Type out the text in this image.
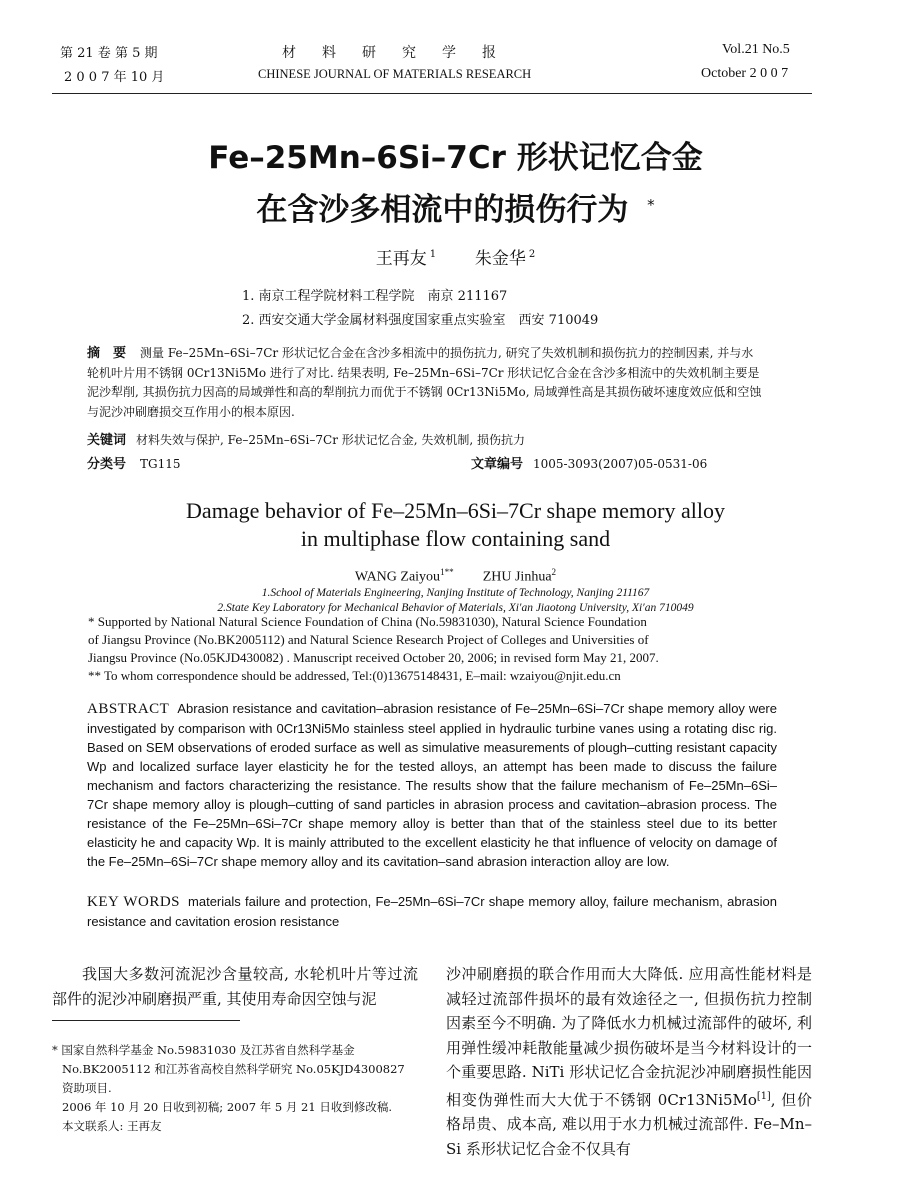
第 21 卷 第 5 期
2 0 0 7 年 10 月
材料研究学报
CHINESE JOURNAL OF MATERIALS RESEARCH
Vol.21 No.5
October 2 0 0 7
Fe–25Mn–6Si–7Cr 形状记忆合金
在含沙多相流中的损伤行为 *
王再友 $^1$ 朱金华 $^2$
1. 南京工程学院材料工程学院　南京 211167
2. 西安交通大学金属材料强度国家重点实验室　西安 710049
摘　要 测量 Fe–25Mn–6Si–7Cr 形状记忆合金在含沙多相流中的损伤抗力, 研究了失效机制和损伤抗力的控制因素, 并与水
轮机叶片用不锈钢 0Cr13Ni5Mo 进行了对比. 结果表明, Fe–25Mn–6Si–7Cr 形状记忆合金在含沙多相流中的失效机制主要是
泥沙犁削, 其损伤抗力因高的局域弹性和高的犁削抗力而优于不锈钢 0Cr13Ni5Mo, 局域弹性高是其损伤破坏速度效应低和空蚀
与泥沙冲刷磨损交互作用小的根本原因.
关键词 材料失效与保护, Fe–25Mn–6Si–7Cr 形状记忆合金, 失效机制, 损伤抗力
分类号 TG115	文章编号 1005-3093(2007)05-0531-06
Damage behavior of Fe–25Mn–6Si–7Cr shape memory alloy
in multiphase flow containing sand
WANG Zaiyou$^{1**}$ ZHU Jinhua$^2$
1.School of Materials Engineering, Nanjing Institute of Technology, Nanjing 211167
2.State Key Laboratory for Mechanical Behavior of Materials, Xi′an Jiaotong University, Xi′an 710049
* Supported by National Natural Science Foundation of China (No.59831030), Natural Science Foundation
of Jiangsu Province (No.BK2005112) and Natural Science Research Project of Colleges and Universities of
Jiangsu Province (No.05KJD430082) . Manuscript received October 20, 2006; in revised form May 21, 2007.
** To whom correspondence should be addressed, Tel:(0)13675148431, E–mail: wzaiyou@njit.edu.cn
ABSTRACT Abrasion resistance and cavitation–abrasion resistance of Fe–25Mn–6Si–7Cr shape memory alloy were investigated by comparison with 0Cr13Ni5Mo stainless steel applied in hydraulic turbine vanes using a rotating disc rig. Based on SEM observations of eroded surface as well as simulative measurements of plough–cutting resistant capacity Wp and localized surface layer elasticity he for the tested alloys, an attempt has been made to discuss the failure mechanism and factors characterizing the resistance. The results show that the failure mechanism of Fe–25Mn–6Si–7Cr shape memory alloy is plough–cutting of sand particles in abrasion process and cavitation–abrasion process. The resistance of the Fe–25Mn–6Si–7Cr shape memory alloy is better than that of the stainless steel due to its better elasticity he and capacity Wp. It is mainly attributed to the excellent elasticity he that influence of velocity on damage of the Fe–25Mn–6Si–7Cr shape memory alloy and its cavitation–sand abrasion interaction alloy are low.
KEY WORDS materials failure and protection, Fe–25Mn–6Si–7Cr shape memory alloy, failure mechanism, abrasion resistance and cavitation erosion resistance
我国大多数河流泥沙含量较高, 水轮机叶片等过流部件的泥沙冲刷磨损严重, 其使用寿命因空蚀与泥
* 国家自然科学基金 No.59831030 及江苏省自然科学基金
No.BK2005112 和江苏省高校自然科学研究 No.05KJD4300827
资助项目.
2006 年 10 月 20 日收到初稿; 2007 年 5 月 21 日收到修改稿.
本文联系人: 王再友
沙冲刷磨损的联合作用而大大降低. 应用高性能材料是减轻过流部件损坏的最有效途径之一, 但损伤抗力控制因素至今不明确. 为了降低水力机械过流部件的破坏, 利用弹性缓冲耗散能量减少损伤破坏是当今材料设计的一个重要思路. NiTi 形状记忆合金抗泥沙冲刷磨损性能因相变伪弹性而大大优于不锈钢 0Cr13Ni5Mo[1], 但价格昂贵、成本高, 难以用于水力机械过流部件. Fe–Mn–Si 系形状记忆合金不仅具有
